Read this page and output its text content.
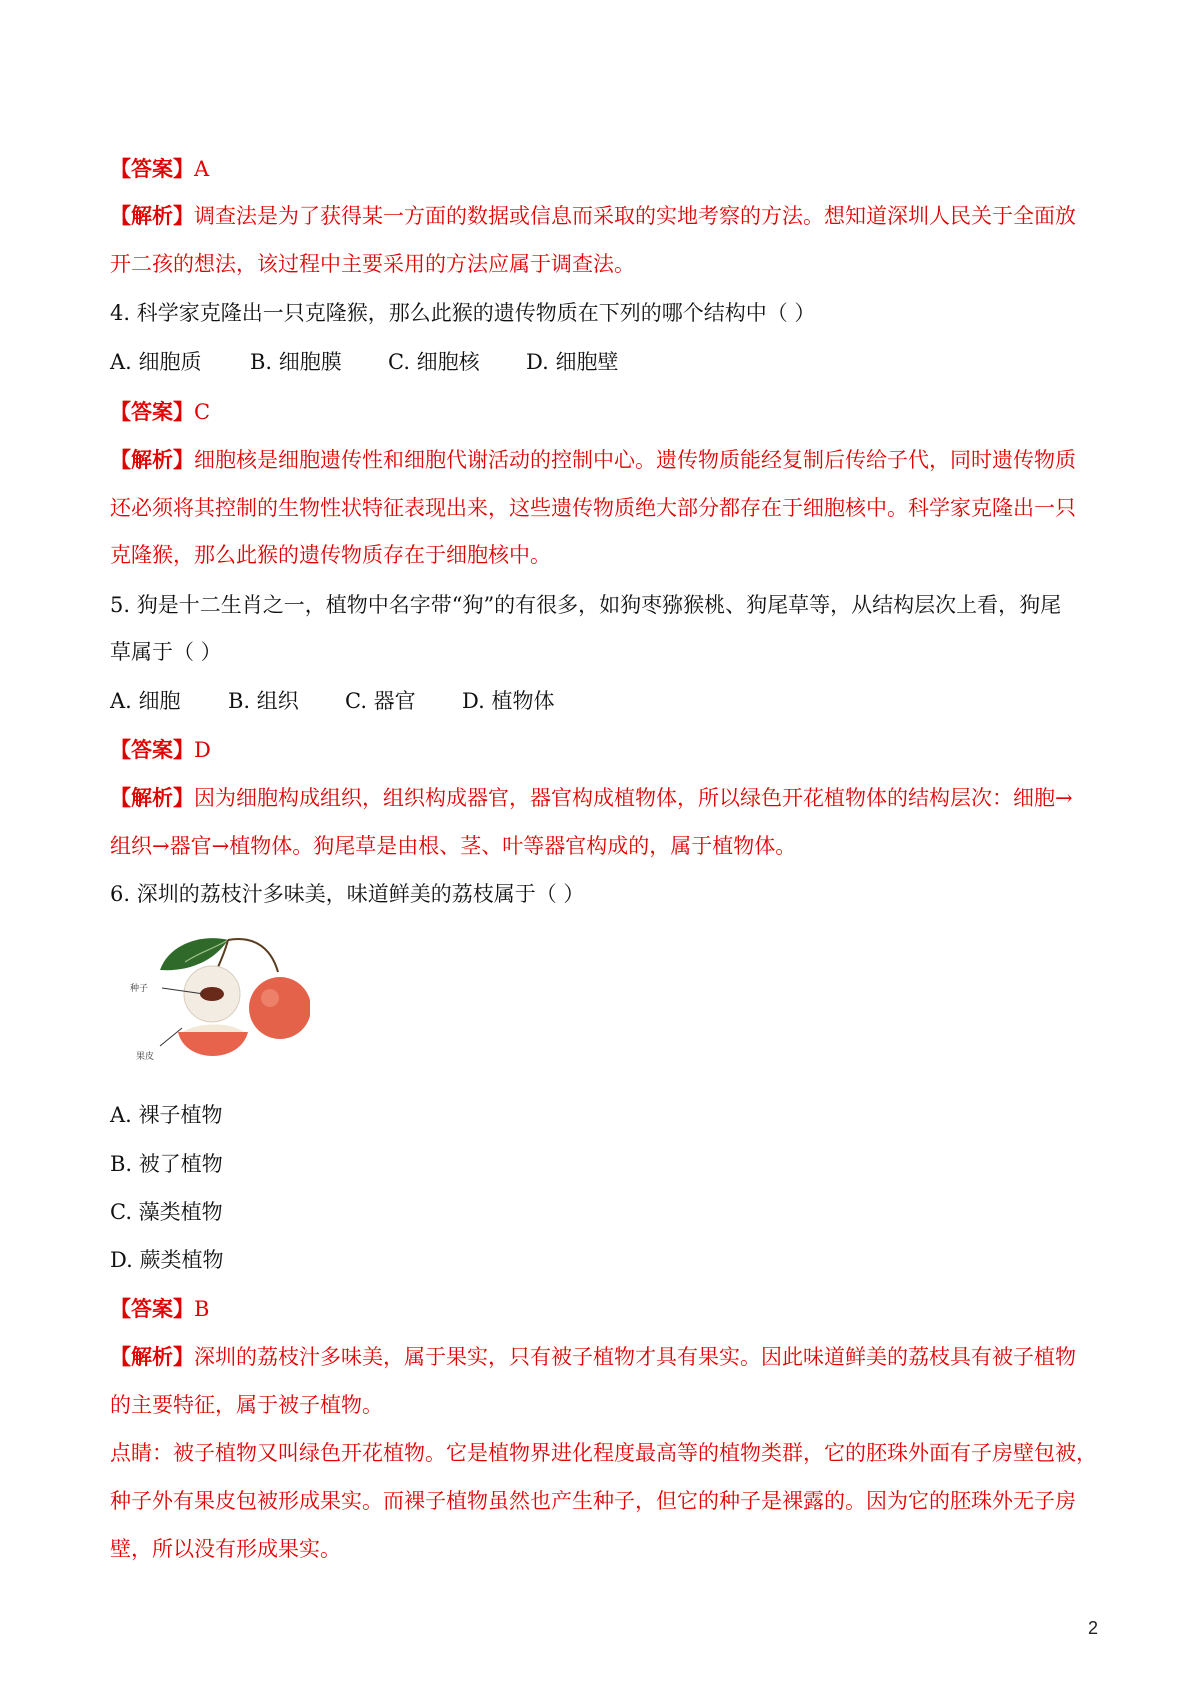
【答案】A
【解析】调查法是为了获得某一方面的数据或信息而采取的实地考察的方法。想知道深圳人民关于全面放
开二孩的想法，该过程中主要采用的方法应属于调查法。
4. 科学家克隆出一只克隆猴，那么此猴的遗传物质在下列的哪个结构中（ ）
A. 细胞质 B. 细胞膜 C. 细胞核 D. 细胞壁
【答案】C
【解析】细胞核是细胞遗传性和细胞代谢活动的控制中心。遗传物质能经复制后传给子代，同时遗传物质
还必须将其控制的生物性状特征表现出来，这些遗传物质绝大部分都存在于细胞核中。科学家克隆出一只
克隆猴，那么此猴的遗传物质存在于细胞核中。
5. 狗是十二生肖之一，植物中名字带“狗”的有很多，如狗枣猕猴桃、狗尾草等，从结构层次上看，狗尾
草属于（ ）
A. 细胞 B. 组织 C. 器官 D. 植物体
【答案】D
【解析】因为细胞构成组织，组织构成器官，器官构成植物体，所以绿色开花植物体的结构层次：细胞→
组织→器官→植物体。狗尾草是由根、茎、叶等器官构成的，属于植物体。
6. 深圳的荔枝汁多味美，味道鲜美的荔枝属于（ ）
种子
果皮
A. 裸子植物
B. 被了植物
C. 藻类植物
D. 蕨类植物
【答案】B
【解析】深圳的荔枝汁多味美，属于果实，只有被子植物才具有果实。因此味道鲜美的荔枝具有被子植物
的主要特征，属于被子植物。
点睛：被子植物又叫绿色开花植物。它是植物界进化程度最高等的植物类群，它的胚珠外面有子房壁包被，
种子外有果皮包被形成果实。而裸子植物虽然也产生种子，但它的种子是裸露的。因为它的胚珠外无子房
壁，所以没有形成果实。
2
